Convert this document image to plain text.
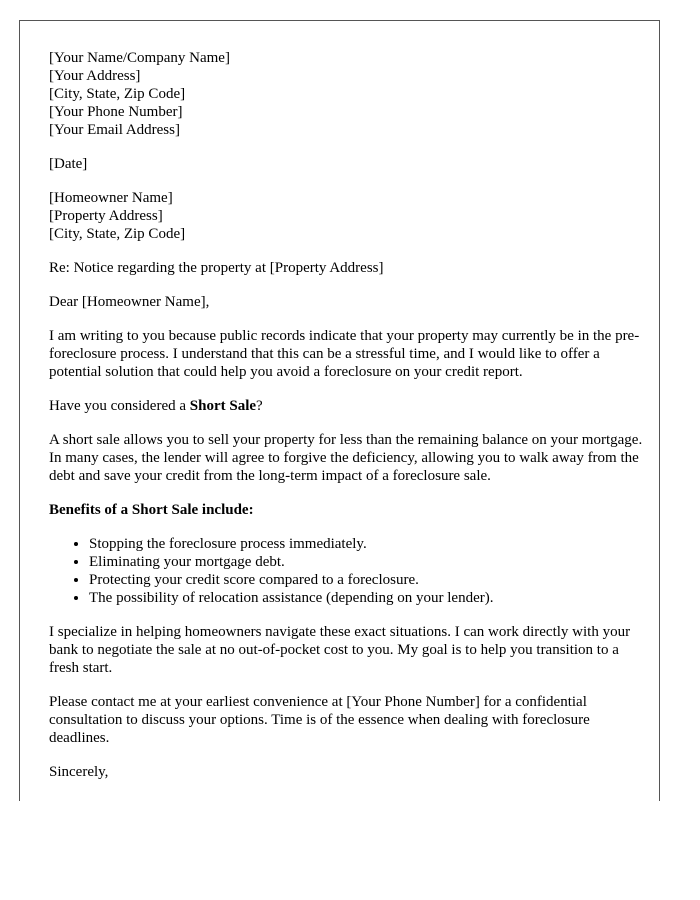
[Your Name/Company Name]
[Your Address]
[City, State, Zip Code]
[Your Phone Number]
[Your Email Address]

[Date]

[Homeowner Name]
[Property Address]
[City, State, Zip Code]

Re: Notice regarding the property at [Property Address]

Dear [Homeowner Name],

I am writing to you because public records indicate that your property may currently be in the pre-foreclosure process. I understand that this can be a stressful time, and I would like to offer a potential solution that could help you avoid a foreclosure on your credit report.

Have you considered a Short Sale?

A short sale allows you to sell your property for less than the remaining balance on your mortgage. In many cases, the lender will agree to forgive the deficiency, allowing you to walk away from the debt and save your credit from the long-term impact of a foreclosure sale.

Benefits of a Short Sale include:

• Stopping the foreclosure process immediately.
• Eliminating your mortgage debt.
• Protecting your credit score compared to a foreclosure.
• The possibility of relocation assistance (depending on your lender).

I specialize in helping homeowners navigate these exact situations. I can work directly with your bank to negotiate the sale at no out-of-pocket cost to you. My goal is to help you transition to a fresh start.

Please contact me at your earliest convenience at [Your Phone Number] for a confidential consultation to discuss your options. Time is of the essence when dealing with foreclosure deadlines.

Sincerely,
